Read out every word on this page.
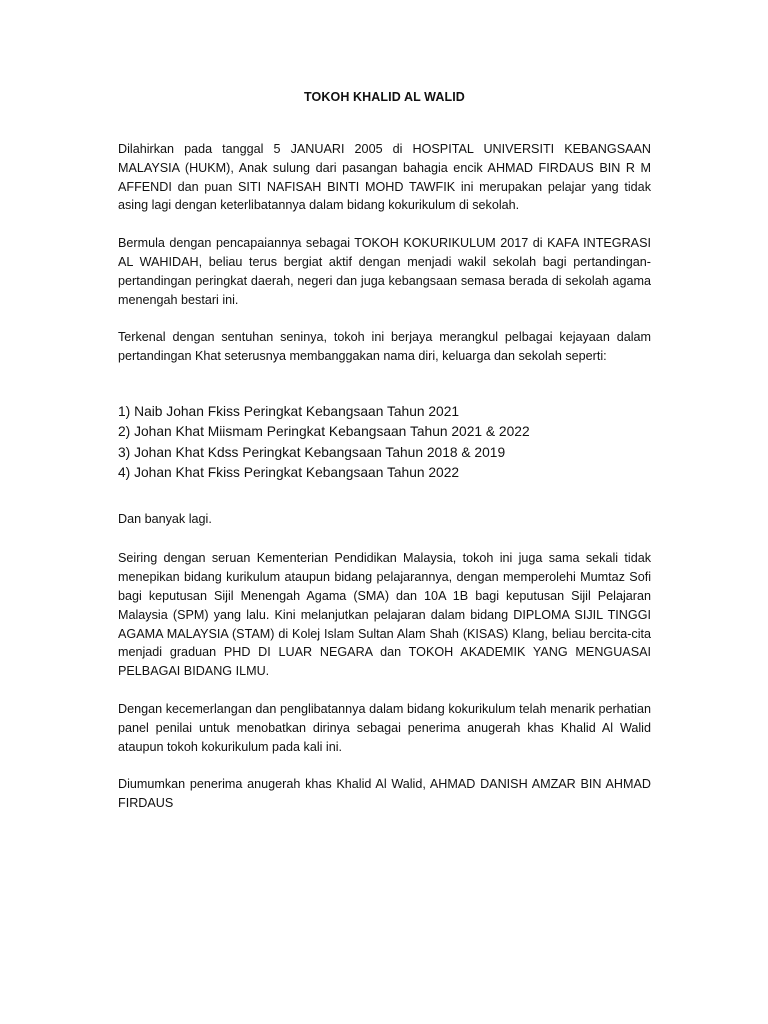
TOKOH KHALID AL WALID

Dilahirkan pada tanggal 5 JANUARI 2005 di HOSPITAL UNIVERSITI KEBANGSAAN MALAYSIA (HUKM), Anak sulung dari pasangan bahagia encik AHMAD FIRDAUS BIN R M AFFENDI dan puan SITI NAFISAH BINTI MOHD TAWFIK ini merupakan pelajar yang tidak asing lagi dengan keterlibatannya dalam bidang kokurikulum di sekolah.

Bermula dengan pencapaiannya sebagai TOKOH KOKURIKULUM 2017 di KAFA INTEGRASI AL WAHIDAH, beliau terus bergiat aktif dengan menjadi wakil sekolah bagi pertandingan-pertandingan peringkat daerah, negeri dan juga kebangsaan semasa berada di sekolah agama menengah bestari ini.

Terkenal dengan sentuhan seninya, tokoh ini berjaya merangkul pelbagai kejayaan dalam pertandingan Khat seterusnya membanggakan nama diri, keluarga dan sekolah seperti:

1) Naib Johan Fkiss Peringkat Kebangsaan Tahun 2021
2) Johan Khat Miismam Peringkat Kebangsaan Tahun 2021 & 2022
3) Johan Khat Kdss Peringkat Kebangsaan Tahun 2018 & 2019
4) Johan Khat Fkiss Peringkat Kebangsaan Tahun 2022

Dan banyak lagi.

Seiring dengan seruan Kementerian Pendidikan Malaysia, tokoh ini juga sama sekali tidak menepikan bidang kurikulum ataupun bidang pelajarannya, dengan memperolehi Mumtaz Sofi bagi keputusan Sijil Menengah Agama (SMA) dan 10A 1B bagi keputusan Sijil Pelajaran Malaysia (SPM) yang lalu. Kini melanjutkan pelajaran dalam bidang DIPLOMA SIJIL TINGGI AGAMA MALAYSIA (STAM) di Kolej Islam Sultan Alam Shah (KISAS) Klang, beliau bercita-cita menjadi graduan PHD DI LUAR NEGARA dan TOKOH AKADEMIK YANG MENGUASAI PELBAGAI BIDANG ILMU.

Dengan kecemerlangan dan penglibatannya dalam bidang kokurikulum telah menarik perhatian panel penilai untuk menobatkan dirinya sebagai penerima anugerah khas Khalid Al Walid ataupun tokoh kokurikulum pada kali ini.

Diumumkan penerima anugerah khas Khalid Al Walid, AHMAD DANISH AMZAR BIN AHMAD FIRDAUS
